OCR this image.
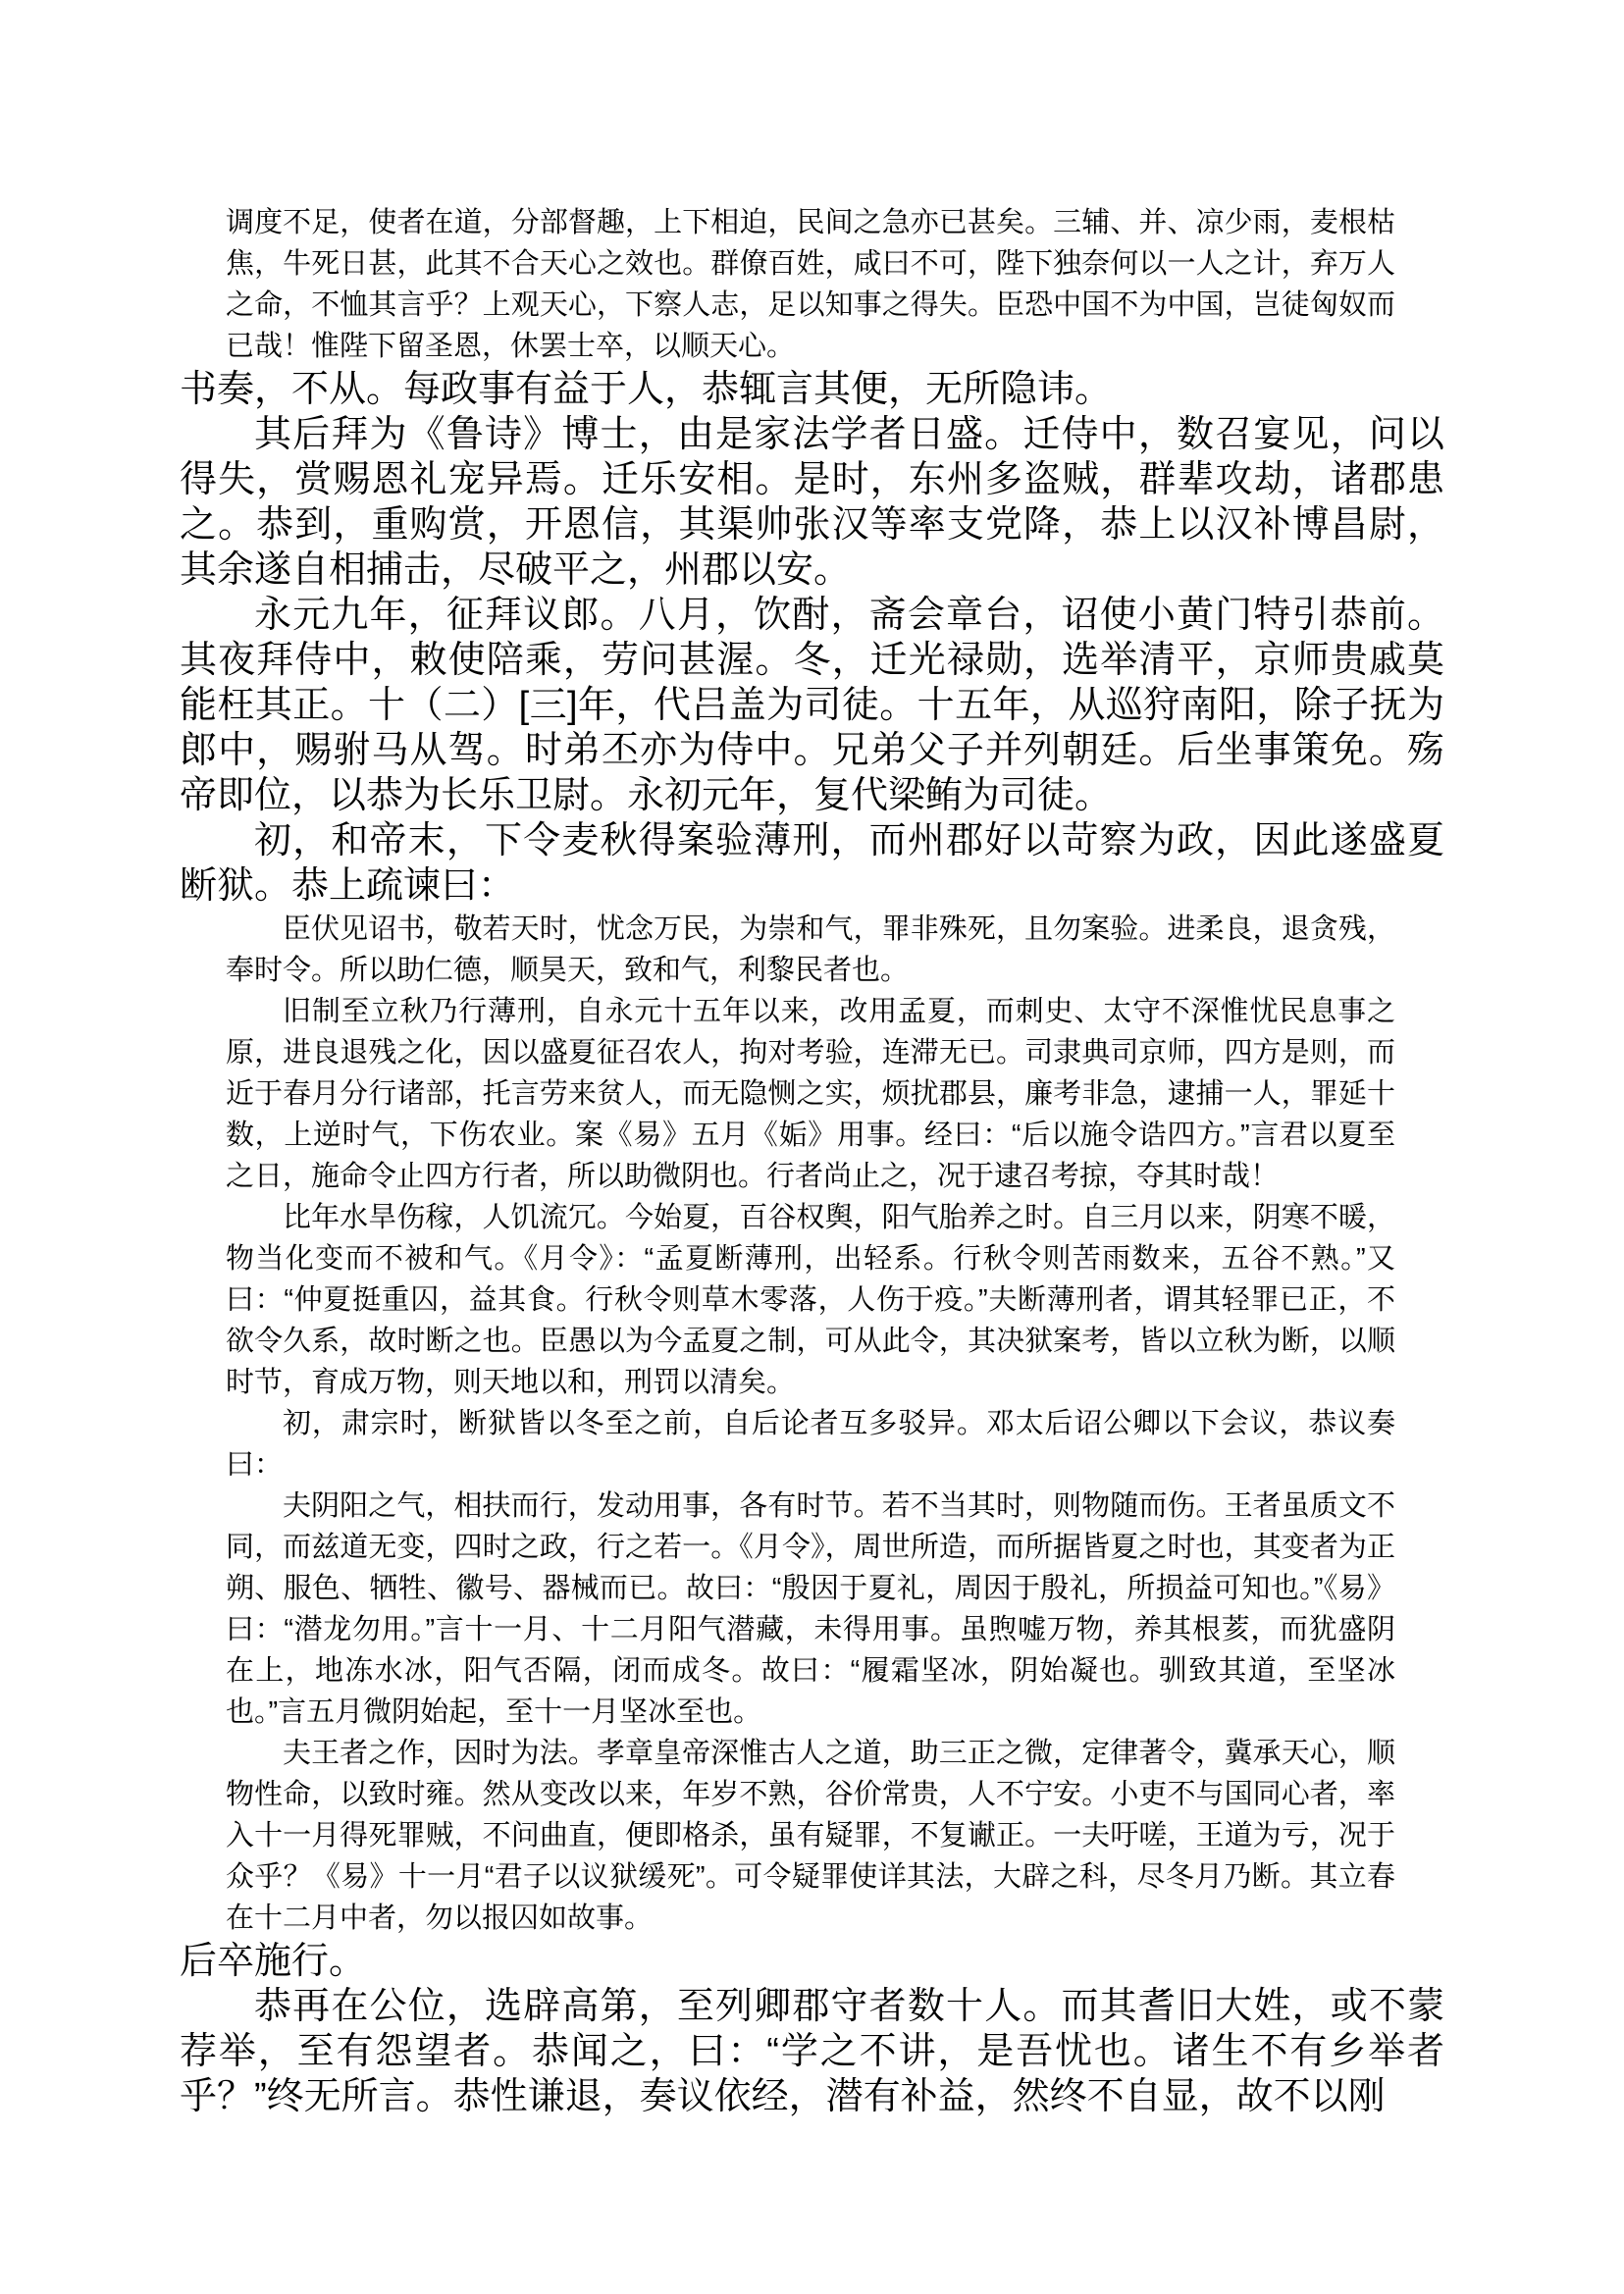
调度不足，使者在道，分部督趣，上下相迫，民间之急亦已甚矣。三辅、并、凉少雨，麦根枯焦，牛死日甚，此其不合天心之效也。群僚百姓，咸曰不可，陛下独奈何以一人之计，弃万人之命，不恤其言乎？上观天心，下察人志，足以知事之得失。臣恐中国不为中国，岂徒匈奴而已哉！惟陛下留圣恩，休罢士卒，以顺天心。

书奏，不从。每政事有益于人，恭辄言其便，无所隐讳。

其后拜为《鲁诗》博士，由是家法学者日盛。迁侍中，数召宴见，问以得失，赏赐恩礼宠异焉。迁乐安相。是时，东州多盗贼，群辈攻劫，诸郡患之。恭到，重购赏，开恩信，其渠帅张汉等率支党降，恭上以汉补博昌尉，其余遂自相捕击，尽破平之，州郡以安。

永元九年，征拜议郎。八月，饮酎，斋会章台，诏使小黄门特引恭前。其夜拜侍中，敕使陪乘，劳问甚渥。冬，迁光禄勋，选举清平，京师贵戚莫能枉其正。十（二）[三]年，代吕盖为司徒。十五年，从巡狩南阳，除子抚为郎中，赐驸马从驾。时弟丕亦为侍中。兄弟父子并列朝廷。后坐事策免。殇帝即位，以恭为长乐卫尉。永初元年，复代梁鲔为司徒。

初，和帝末，下令麦秋得案验薄刑，而州郡好以苛察为政，因此遂盛夏断狱。恭上疏谏曰：

臣伏见诏书，敬若天时，忧念万民，为崇和气，罪非殊死，且勿案验。进柔良，退贪残，奉时令。所以助仁德，顺昊天，致和气，利黎民者也。

旧制至立秋乃行薄刑，自永元十五年以来，改用孟夏，而刺史、太守不深惟忧民息事之原，进良退残之化，因以盛夏征召农人，拘对考验，连滞无已。司隶典司京师，四方是则，而近于春月分行诸部，托言劳来贫人，而无隐恻之实，烦扰郡县，廉考非急，逮捕一人，罪延十数，上逆时气，下伤农业。案《易》五月《姤》用事。经曰：“后以施令诰四方。”言君以夏至之日，施命令止四方行者，所以助微阴也。行者尚止之，况于逮召考掠，夺其时哉！

比年水旱伤稼，人饥流冗。今始夏，百谷权舆，阳气胎养之时。自三月以来，阴寒不暖，物当化变而不被和气。《月令》：“孟夏断薄刑，出轻系。行秋令则苦雨数来，五谷不熟。”又曰：“仲夏挺重囚，益其食。行秋令则草木零落，人伤于疫。”夫断薄刑者，谓其轻罪已正，不欲令久系，故时断之也。臣愚以为今孟夏之制，可从此令，其决狱案考，皆以立秋为断，以顺时节，育成万物，则天地以和，刑罚以清矣。

初，肃宗时，断狱皆以冬至之前，自后论者互多驳异。邓太后诏公卿以下会议，恭议奏曰：

夫阴阳之气，相扶而行，发动用事，各有时节。若不当其时，则物随而伤。王者虽质文不同，而兹道无变，四时之政，行之若一。《月令》，周世所造，而所据皆夏之时也，其变者为正朔、服色、牺牲、徽号、器械而已。故曰：“殷因于夏礼，周因于殷礼，所损益可知也。”《易》曰：“潜龙勿用。”言十一月、十二月阳气潜藏，未得用事。虽煦嘘万物，养其根荄，而犹盛阴在上，地冻水冰，阳气否隔，闭而成冬。故曰：“履霜坚冰，阴始凝也。驯致其道，至坚冰也。”言五月微阴始起，至十一月坚冰至也。

夫王者之作，因时为法。孝章皇帝深惟古人之道，助三正之微，定律著令，冀承天心，顺物性命，以致时雍。然从变改以来，年岁不熟，谷价常贵，人不宁安。小吏不与国同心者，率入十一月得死罪贼，不问曲直，便即格杀，虽有疑罪，不复谳正。一夫吁嗟，王道为亏，况于众乎？《易》十一月“君子以议狱缓死”。可令疑罪使详其法，大辟之科，尽冬月乃断。其立春在十二月中者，勿以报囚如故事。

后卒施行。

恭再在公位，选辟高第，至列卿郡守者数十人。而其耆旧大姓，或不蒙荐举，至有怨望者。恭闻之，曰：“学之不讲，是吾忧也。诸生不有乡举者乎？”终无所言。恭性谦退，奏议依经，潜有补益，然终不自显，故不以刚
